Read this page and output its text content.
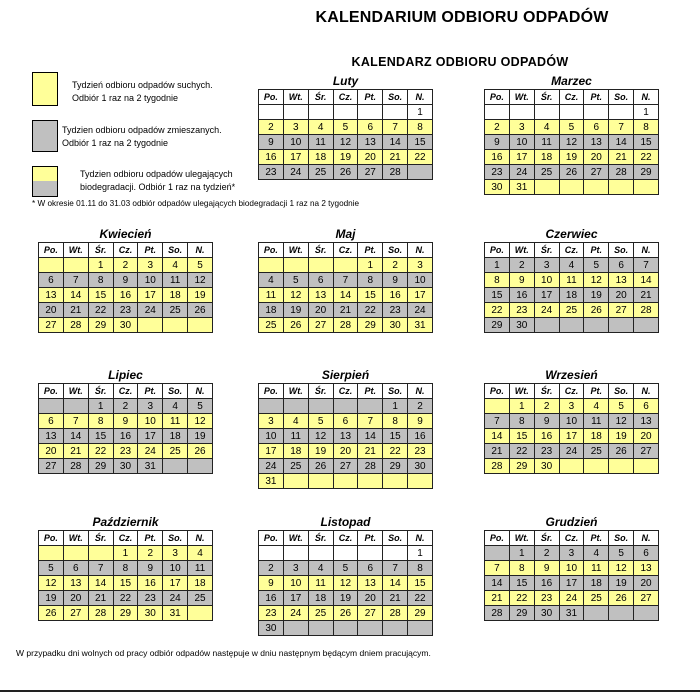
KALENDARIUM ODBIORU ODPADÓW
KALENDARZ ODBIORU ODPADÓW
Tydzień odbioru odpadów suchych.
Odbiór 1 raz na 2 tygodnie
Tydzien odbioru odpadów zmieszanych.
Odbiór 1 raz na 2 tygodnie
Tydzien odbioru odpadów ulegających
biodegradacji. Odbiór 1 raz na tydzień*
* W okresie 01.11 do 31.03 odbiór odpadów ulegających biodegradacji 1 raz na 2 tygodnie
Luty
Po.	Wt.	Śr.	Cz.	Pt.	So.	N.
						1
2	3	4	5	6	7	8
9	10	11	12	13	14	15
16	17	18	19	20	21	22
23	24	25	26	27	28	
Marzec
Po.	Wt.	Śr.	Cz.	Pt.	So.	N.
						1
2	3	4	5	6	7	8
9	10	11	12	13	14	15
16	17	18	19	20	21	22
23	24	25	26	27	28	29
30	31					
Kwiecień
Po.	Wt.	Śr.	Cz.	Pt.	So.	N.
		1	2	3	4	5
6	7	8	9	10	11	12
13	14	15	16	17	18	19
20	21	22	23	24	25	26
27	28	29	30			
Maj
Po.	Wt.	Śr.	Cz.	Pt.	So.	N.
				1	2	3
4	5	6	7	8	9	10
11	12	13	14	15	16	17
18	19	20	21	22	23	24
25	26	27	28	29	30	31
Czerwiec
Po.	Wt.	Śr.	Cz.	Pt.	So.	N.
1	2	3	4	5	6	7
8	9	10	11	12	13	14
15	16	17	18	19	20	21
22	23	24	25	26	27	28
29	30					
Lipiec
Po.	Wt.	Śr.	Cz.	Pt.	So.	N.
		1	2	3	4	5
6	7	8	9	10	11	12
13	14	15	16	17	18	19
20	21	22	23	24	25	26
27	28	29	30	31		
Sierpień
Po.	Wt.	Śr.	Cz.	Pt.	So.	N.
					1	2
3	4	5	6	7	8	9
10	11	12	13	14	15	16
17	18	19	20	21	22	23
24	25	26	27	28	29	30
31						
Wrzesień
Po.	Wt.	Śr.	Cz.	Pt.	So.	N.
	1	2	3	4	5	6
7	8	9	10	11	12	13
14	15	16	17	18	19	20
21	22	23	24	25	26	27
28	29	30				
Październik
Po.	Wt.	Śr.	Cz.	Pt.	So.	N.
			1	2	3	4
5	6	7	8	9	10	11
12	13	14	15	16	17	18
19	20	21	22	23	24	25
26	27	28	29	30	31	
Listopad
Po.	Wt.	Śr.	Cz.	Pt.	So.	N.
						1
2	3	4	5	6	7	8
9	10	11	12	13	14	15
16	17	18	19	20	21	22
23	24	25	26	27	28	29
30						
Grudzień
Po.	Wt.	Śr.	Cz.	Pt.	So.	N.
	1	2	3	4	5	6
7	8	9	10	11	12	13
14	15	16	17	18	19	20
21	22	23	24	25	26	27
28	29	30	31			
W przypadku dni wolnych od pracy odbiór odpadów następuje w dniu następnym będącym dniem pracującym.
